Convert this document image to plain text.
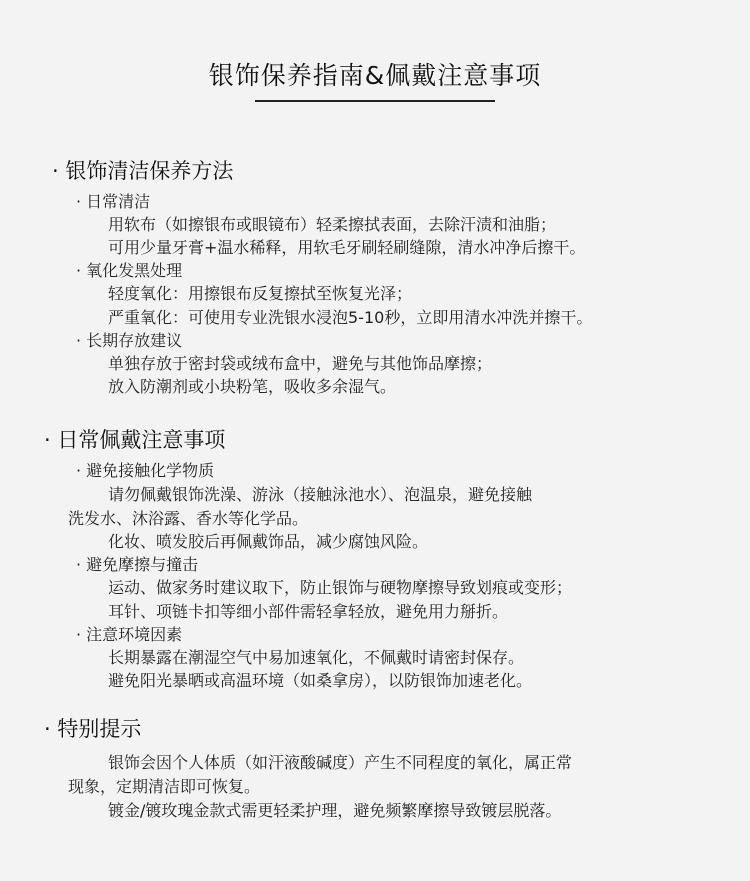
银饰保养指南&佩戴注意事项
· 银饰清洁保养方法
· 日常清洁
用软布（如擦银布或眼镜布）轻柔擦拭表面，去除汗渍和油脂；
可用少量牙膏+温水稀释，用软毛牙刷轻刷缝隙，清水冲净后擦干。
· 氧化发黑处理
轻度氧化：用擦银布反复擦拭至恢复光泽；
严重氧化：可使用专业洗银水浸泡5-10秒，立即用清水冲洗并擦干。
· 长期存放建议
单独存放于密封袋或绒布盒中，避免与其他饰品摩擦；
放入防潮剂或小块粉笔，吸收多余湿气。
· 日常佩戴注意事项
· 避免接触化学物质
请勿佩戴银饰洗澡、游泳（接触泳池水）、泡温泉，避免接触
洗发水、沐浴露、香水等化学品。
化妆、喷发胶后再佩戴饰品，减少腐蚀风险。
· 避免摩擦与撞击
运动、做家务时建议取下，防止银饰与硬物摩擦导致划痕或变形；
耳针、项链卡扣等细小部件需轻拿轻放，避免用力掰折。
· 注意环境因素
长期暴露在潮湿空气中易加速氧化，不佩戴时请密封保存。
避免阳光暴晒或高温环境（如桑拿房），以防银饰加速老化。
· 特别提示
银饰会因个人体质（如汗液酸碱度）产生不同程度的氧化，属正常
现象，定期清洁即可恢复。
镀金/镀玫瑰金款式需更轻柔护理，避免频繁摩擦导致镀层脱落。
